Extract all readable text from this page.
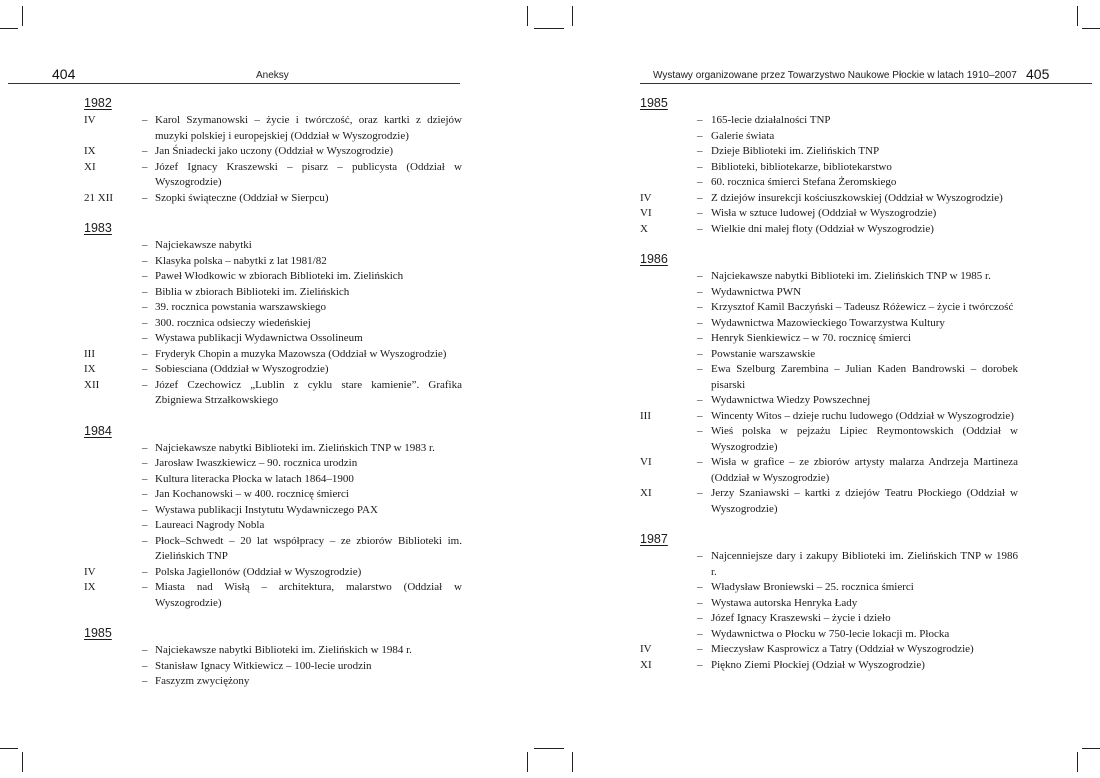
404	Aneksy
1982
IV	– Karol Szymanowski – życie i twórczość, oraz kartki z dziejów muzyki polskiej i europejskiej (Oddział w Wyszogrodzie)
IX	– Jan Śniadecki jako uczony (Oddział w Wyszogrodzie)
XI	– Józef Ignacy Kraszewski – pisarz – publicysta (Oddział w Wyszogrodzie)
21 XII	– Szopki świąteczne (Oddział w Sierpcu)
1983
– Najciekawsze nabytki
– Klasyka polska – nabytki z lat 1981/82
– Paweł Włodkowic w zbiorach Biblioteki im. Zielińskich
– Biblia w zbiorach Biblioteki im. Zielińskich
– 39. rocznica powstania warszawskiego
– 300. rocznica odsieczy wiedeńskiej
– Wystawa publikacji Wydawnictwa Ossolineum
III	– Fryderyk Chopin a muzyka Mazowsza (Oddział w Wyszogrodzie)
IX	– Sobiesciana (Oddział w Wyszogrodzie)
XII	– Józef Czechowicz „Lublin z cyklu stare kamienie”. Grafika Zbigniewa Strzałkowskiego
1984
– Najciekawsze nabytki Biblioteki im. Zielińskich TNP w 1983 r.
– Jarosław Iwaszkiewicz – 90. rocznica urodzin
– Kultura literacka Płocka w latach 1864–1900
– Jan Kochanowski – w 400. rocznicę śmierci
– Wystawa publikacji Instytutu Wydawniczego PAX
– Laureaci Nagrody Nobla
– Płock–Schwedt – 20 lat współpracy – ze zbiorów Biblioteki im. Zielińskich TNP
IV	– Polska Jagiellonów (Oddział w Wyszogrodzie)
IX	– Miasta nad Wisłą – architektura, malarstwo (Oddział w Wyszogrodzie)
1985
– Najciekawsze nabytki Biblioteki im. Zielińskich w 1984 r.
– Stanisław Ignacy Witkiewicz – 100-lecie urodzin
– Faszyzm zwyciężony
405
Wystawy organizowane przez Towarzystwo Naukowe Płockie w latach 1910–2007
1985
– 165-lecie działalności TNP
– Galerie świata
– Dzieje Biblioteki im. Zielińskich TNP
– Biblioteki, bibliotekarze, bibliotekarstwo
– 60. rocznica śmierci Stefana Żeromskiego
IV	– Z dziejów insurekcji kościuszkowskiej (Oddział w Wyszogrodzie)
VI	– Wisła w sztuce ludowej (Oddział w Wyszogrodzie)
X	– Wielkie dni małej floty (Oddział w Wyszogrodzie)
1986
– Najciekawsze nabytki Biblioteki im. Zielińskich TNP w 1985 r.
– Wydawnictwa PWN
– Krzysztof Kamil Baczyński – Tadeusz Różewicz – życie i twórczość
– Wydawnictwa Mazowieckiego Towarzystwa Kultury
– Henryk Sienkiewicz – w 70. rocznicę śmierci
– Powstanie warszawskie
– Ewa Szelburg Zarembina – Julian Kaden Bandrowski – dorobek pisarski
– Wydawnictwa Wiedzy Powszechnej
III	– Wincenty Witos – dzieje ruchu ludowego (Oddział w Wyszogrodzie)
– Wieś polska w pejzażu Lipiec Reymontowskich (Oddział w Wyszogrodzie)
VI	– Wisła w grafice – ze zbiorów artysty malarza Andrzeja Martineza (Oddział w Wyszogrodzie)
XI	– Jerzy Szaniawski – kartki z dziejów Teatru Płockiego (Oddział w Wyszogrodzie)
1987
– Najcenniejsze dary i zakupy Biblioteki im. Zielińskich TNP w 1986 r.
– Władysław Broniewski – 25. rocznica śmierci
– Wystawa autorska Henryka Łady
– Józef Ignacy Kraszewski – życie i dzieło
– Wydawnictwa o Płocku w 750-lecie lokacji m. Płocka
IV	– Mieczysław Kasprowicz a Tatry (Oddział w Wyszogrodzie)
XI	– Piękno Ziemi Płockiej (Odział w Wyszogrodzie)
